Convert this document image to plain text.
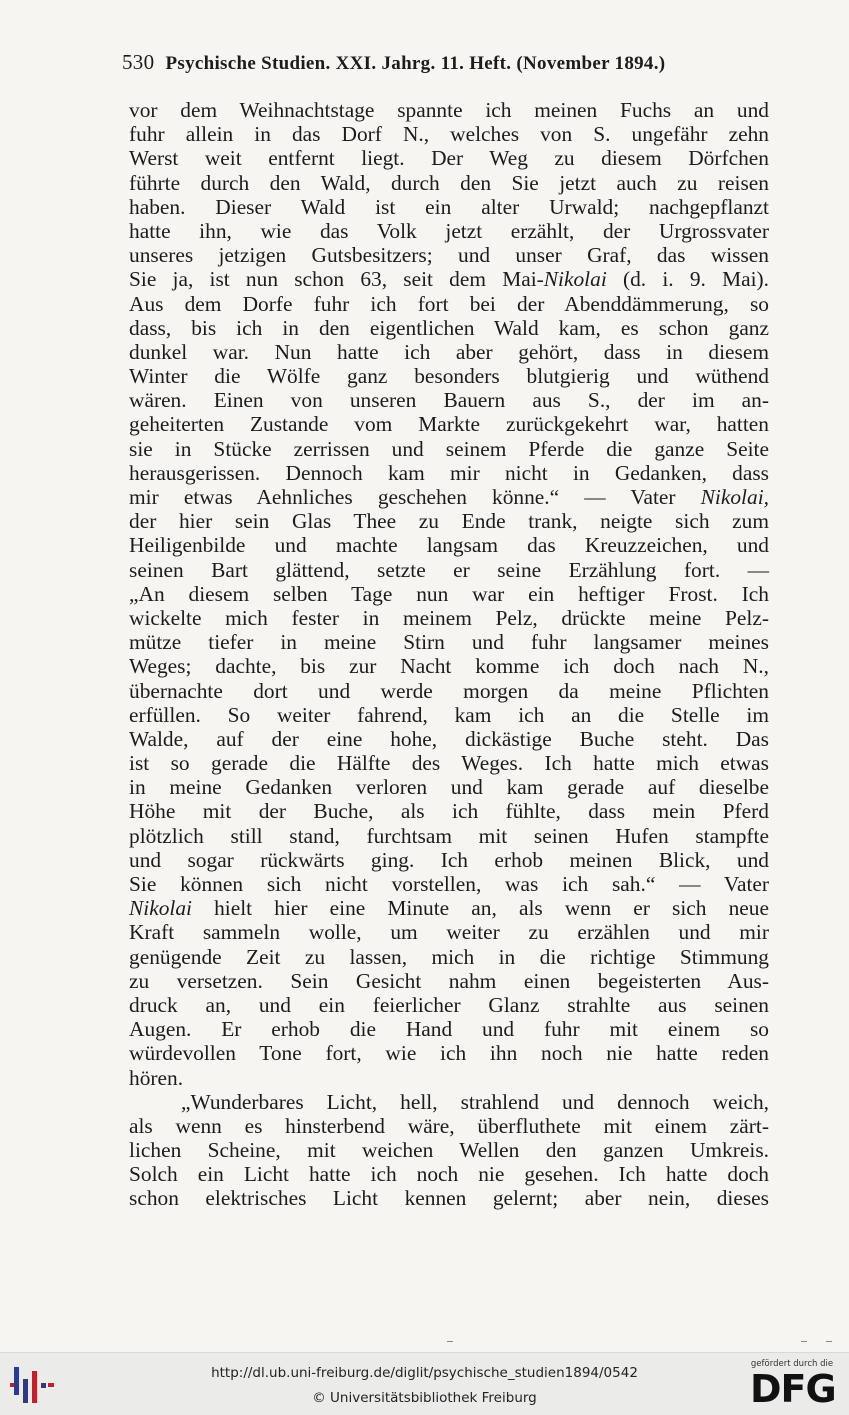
530 Psychische Studien. XXI. Jahrg. 11. Heft. (November 1894.)
vor dem Weihnachtstage spannte ich meinen Fuchs an und
fuhr allein in das Dorf N., welches von S. ungefähr zehn
Werst weit entfernt liegt. Der Weg zu diesem Dörfchen
führte durch den Wald, durch den Sie jetzt auch zu reisen
haben. Dieser Wald ist ein alter Urwald; nachgepflanzt
hatte ihn, wie das Volk jetzt erzählt, der Urgrossvater
unseres jetzigen Gutsbesitzers; und unser Graf, das wissen
Sie ja, ist nun schon 63, seit dem Mai-Nikolai (d. i. 9. Mai).
Aus dem Dorfe fuhr ich fort bei der Abenddämmerung, so
dass, bis ich in den eigentlichen Wald kam, es schon ganz
dunkel war. Nun hatte ich aber gehört, dass in diesem
Winter die Wölfe ganz besonders blutgierig und wüthend
wären. Einen von unseren Bauern aus S., der im an-
geheiterten Zustande vom Markte zurückgekehrt war, hatten
sie in Stücke zerrissen und seinem Pferde die ganze Seite
herausgerissen. Dennoch kam mir nicht in Gedanken, dass
mir etwas Aehnliches geschehen könne.“ — Vater Nikolai,
der hier sein Glas Thee zu Ende trank, neigte sich zum
Heiligenbilde und machte langsam das Kreuzzeichen, und
seinen Bart glättend, setzte er seine Erzählung fort. —
„An diesem selben Tage nun war ein heftiger Frost. Ich
wickelte mich fester in meinem Pelz, drückte meine Pelz-
mütze tiefer in meine Stirn und fuhr langsamer meines
Weges; dachte, bis zur Nacht komme ich doch nach N.,
übernachte dort und werde morgen da meine Pflichten
erfüllen. So weiter fahrend, kam ich an die Stelle im
Walde, auf der eine hohe, dickästige Buche steht. Das
ist so gerade die Hälfte des Weges. Ich hatte mich etwas
in meine Gedanken verloren und kam gerade auf dieselbe
Höhe mit der Buche, als ich fühlte, dass mein Pferd
plötzlich still stand, furchtsam mit seinen Hufen stampfte
und sogar rückwärts ging. Ich erhob meinen Blick, und
Sie können sich nicht vorstellen, was ich sah.“ — Vater
Nikolai hielt hier eine Minute an, als wenn er sich neue
Kraft sammeln wolle, um weiter zu erzählen und mir
genügende Zeit zu lassen, mich in die richtige Stimmung
zu versetzen. Sein Gesicht nahm einen begeisterten Aus-
druck an, und ein feierlicher Glanz strahlte aus seinen
Augen. Er erhob die Hand und fuhr mit einem so
würdevollen Tone fort, wie ich ihn noch nie hatte reden
hören.
„Wunderbares Licht, hell, strahlend und dennoch weich,
als wenn es hinsterbend wäre, überfluthete mit einem zärt-
lichen Scheine, mit weichen Wellen den ganzen Umkreis.
Solch ein Licht hatte ich noch nie gesehen. Ich hatte doch
schon elektrisches Licht kennen gelernt; aber nein, dieses
http://dl.ub.uni-freiburg.de/diglit/psychische_studien1894/0542
© Universitätsbibliothek Freiburg
gefördert durch die
DFG
